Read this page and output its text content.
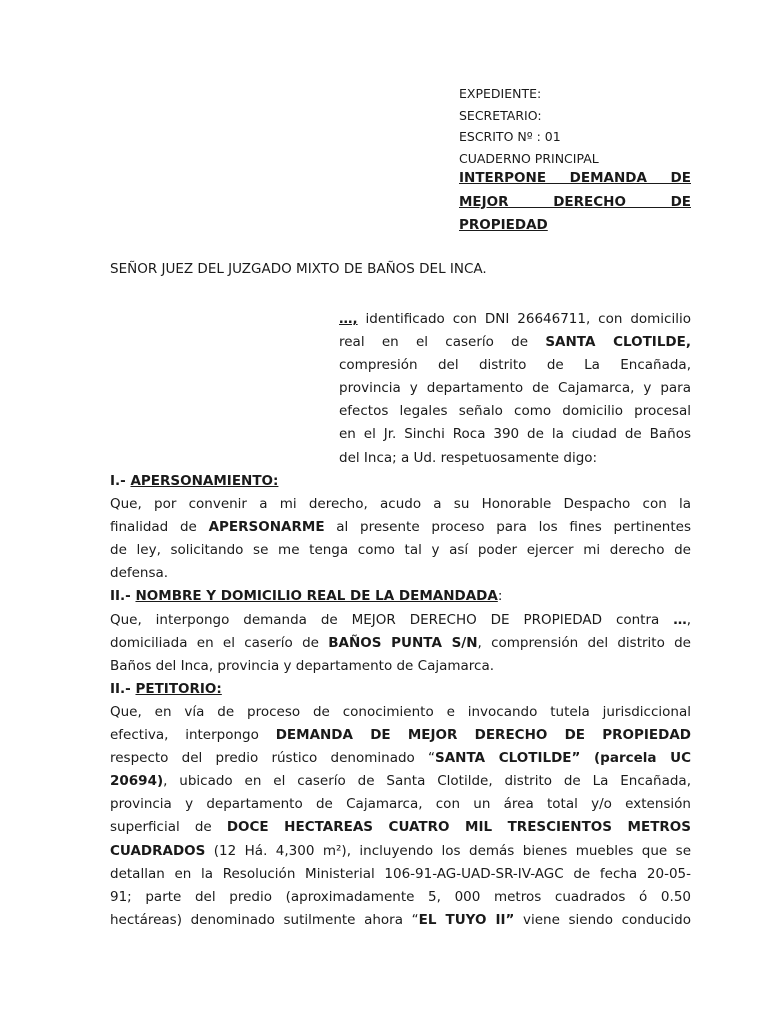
EXPEDIENTE:
SECRETARIO:
ESCRITO Nº : 01
CUADERNO PRINCIPAL
INTERPONE DEMANDA DE
MEJOR DERECHO DE
PROPIEDAD
SEÑOR JUEZ DEL JUZGADO MIXTO DE BAÑOS DEL INCA.
…, identificado con DNI 26646711, con domicilio
real en el caserío de SANTA CLOTILDE,
compresión del distrito de La Encañada,
provincia y departamento de Cajamarca, y para
efectos legales señalo como domicilio procesal
en el Jr. Sinchi Roca 390 de la ciudad de Baños
del Inca; a Ud. respetuosamente digo:
I.- APERSONAMIENTO:
Que, por convenir a mi derecho, acudo a su Honorable Despacho con la
finalidad de APERSONARME al presente proceso para los fines pertinentes
de ley, solicitando se me tenga como tal y así poder ejercer mi derecho de
defensa.
II.- NOMBRE Y DOMICILIO REAL DE LA DEMANDADA:
Que, interpongo demanda de MEJOR DERECHO DE PROPIEDAD contra …,
domiciliada en el caserío de BAÑOS PUNTA S/N, comprensión del distrito de
Baños del Inca, provincia y departamento de Cajamarca.
II.- PETITORIO:
Que, en vía de proceso de conocimiento e invocando tutela jurisdiccional
efectiva, interpongo DEMANDA DE MEJOR DERECHO DE PROPIEDAD
respecto del predio rústico denominado “SANTA CLOTILDE” (parcela UC
20694), ubicado en el caserío de Santa Clotilde, distrito de La Encañada,
provincia y departamento de Cajamarca, con un área total y/o extensión
superficial de DOCE HECTAREAS CUATRO MIL TRESCIENTOS METROS
CUADRADOS (12 Há. 4,300 m²), incluyendo los demás bienes muebles que se
detallan en la Resolución Ministerial 106-91-AG-UAD-SR-IV-AGC de fecha 20-05-
91; parte del predio (aproximadamente 5, 000 metros cuadrados ó 0.50
hectáreas) denominado sutilmente ahora “EL TUYO II” viene siendo conducido
